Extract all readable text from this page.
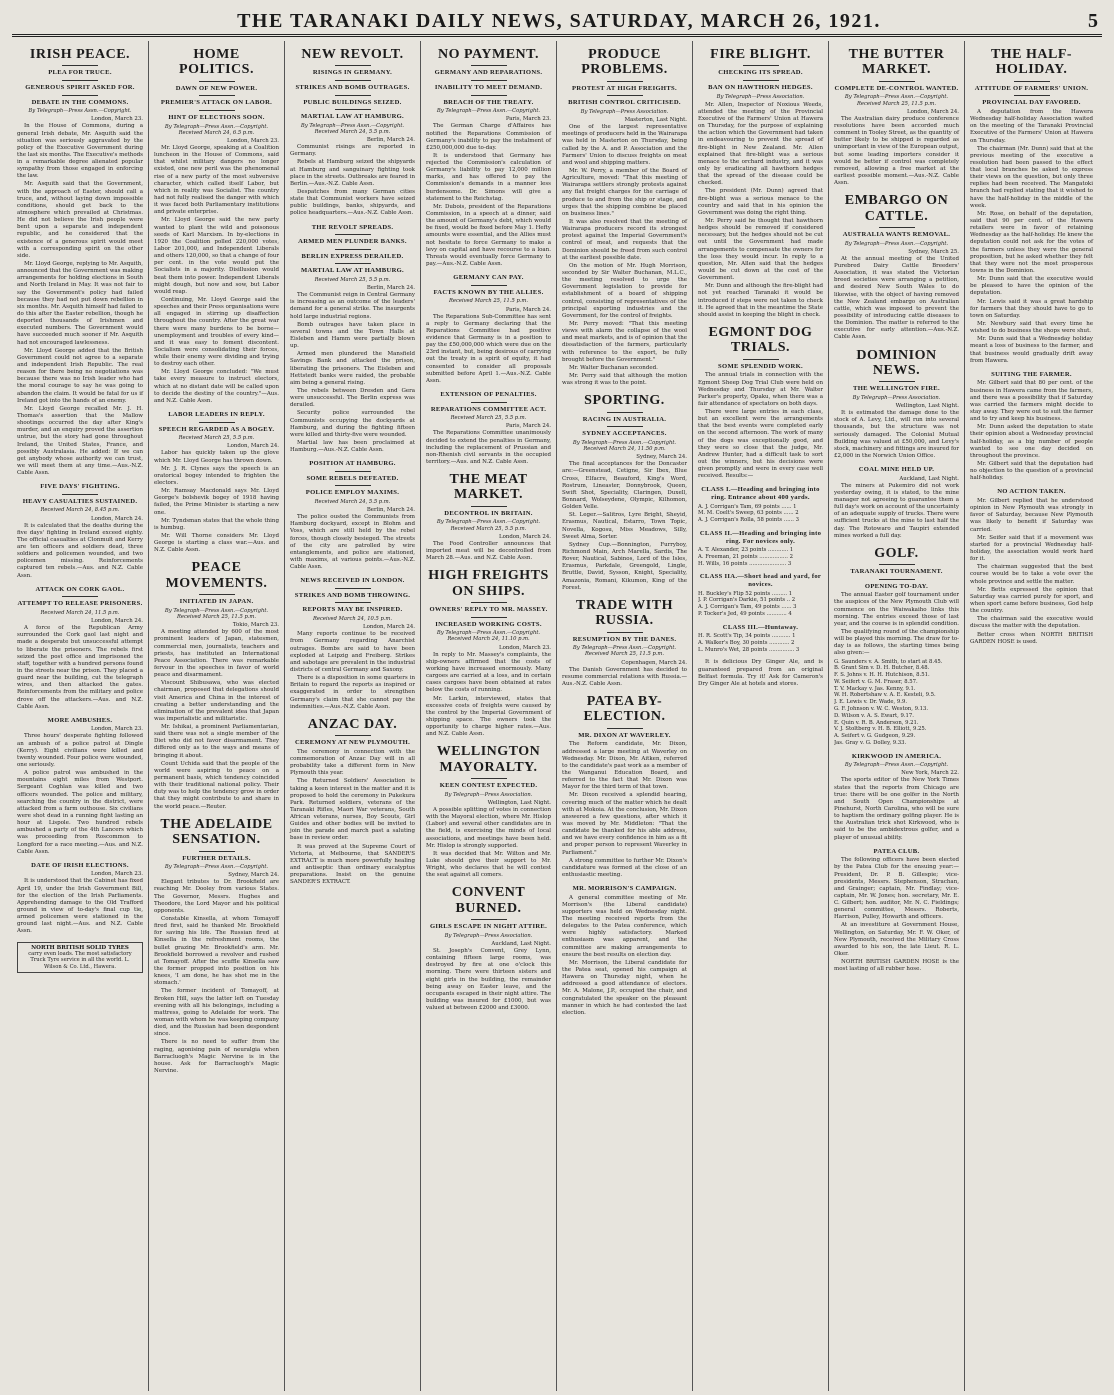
THE TARANAKI DAILY NEWS, SATURDAY, MARCH 26, 1921.	5
IRISH PEACE.
PLEA FOR TRUCE.
GENEROUS SPIRIT ASKED FOR.
DEBATE IN THE COMMONS.
By Telegraph—Press Assn.—Copyright.
London, March 23.

In the House of Commons, during a general Irish debate, Mr. Asquith said the situation was seriously aggravated by the policy of the Executive Government during the last six months. The Executive's methods in a remarkable degree alienated popular sympathy from those engaged in enforcing the law.

Mr. Asquith said that the Government, with the approach of Easter, should call a truce, and, without laying down impossible conditions, should get back to the atmosphere which prevailed at Christmas. He did not believe the Irish people were bent upon a separate and independent republic, and he considered that the existence of a generous spirit would meet with a corresponding spirit on the other side.

Mr. Lloyd George, replying to Mr. Asquith, announced that the Government was making arrangements for holding elections in South and North Ireland in May. It was not fair to say the Government's policy had failed because they had not put down rebellion in six months. Mr. Asquith himself had failed to do this after the Easter rebellion, though he deported thousands of Irishmen and executed numbers. The Government would have succeeded much sooner if Mr. Asquith had not encouraged lawlessness.

Mr. Lloyd George added that the British Government could not agree to a separate and independent Irish Republic. The real reason for there being no negotiations was because there was no Irish leader who had the moral courage to say he was going to abandon the claim. It would be fatal for us if Ireland got into the hands of an enemy.

Mr. Lloyd George recalled Mr. J. H. Thomas's assertion that the Mallow shootings occurred the day after King's murder, and an enquiry proved the assertion untrue, but the story had gone throughout Ireland, the United States, France, and possibly Australasia. He added: If we can get anybody whose authority we can trust, we will meet them at any time.—Aus.-N.Z. Cable Assn.

FIVE DAYS' FIGHTING.
HEAVY CASUALTIES SUSTAINED.
Received March 24, 8.45 p.m.
London, March 24.

It is calculated that the deaths during the five days' fighting in Ireland exceed eighty. The official casualties at Clonmult and Kerry are ten officers and soldiers dead, three soldiers and policemen wounded, and two policemen missing. Reinforcements captured ten rebels.—Aus. and N.Z. Cable Assn.

ATTACK ON CORK GAOL.
ATTEMPT TO RELEASE PRISONERS.
Received March 24, 11.5 p.m.
London, March 24.

A force of the Republican Army surrounded the Cork gaol last night and made a desperate but unsuccessful attempt to liberate the prisoners. The rebels first seized the post office and imprisoned the staff, together with a hundred persons found in the streets near the prison. They placed a guard near the building, cut the telegraph wires, and then attacked the gates. Reinforcements from the military and police drove off the attackers.—Aus. and N.Z. Cable Assn.

MORE AMBUSHES.
London, March 23.

Three hours' desperate fighting followed an ambush of a police patrol at Dingle (Kerry). Eight civilians were killed and twenty wounded. Four police were wounded, one seriously.

A police patrol was ambushed in the mountains eight miles from Westport. Sergeant Coghlan was killed and two officers wounded. The police and military, searching the country in the district, were attacked from a farm outhouse. Six civilians were shot dead in a running fight lasting an hour at Lispole. Two hundred rebels ambushed a party of the 4th Lancers which was proceeding from Roscommon to Longford for a race meeting.—Aus. and N.Z. Cable Assn.

DATE OF IRISH ELECTIONS.
London, March 23.

It is understood that the Cabinet has fixed April 19, under the Irish Government Bill, for the election of the Irish Parliaments. Apprehending damage to the Old Trafford ground in view of to-day's final cup tie, armed policemen were stationed in the ground last night.—Aus. and N.Z. Cable Assn.

NORTH BRITISH SOLID TYRES
carry even loads. The most satisfactory Truck Tyre service in all the world. L. Wilson & Co. Ltd., Hawera.
HOME POLITICS.
DAWN OF NEW POWER.
PREMIER'S ATTACK ON LABOR.
HINT OF ELECTIONS SOON.
By Telegraph—Press Assn.—Copyright. Received March 24, 6.5 p.m.
London, March 23.

Mr. Lloyd George, speaking at a Coalition luncheon in the House of Commons, said that whilst military dangers no longer existed, one new peril was the phenomenal rise of a new party of the most subversive character, which called itself Labor, but which in reality was Socialist. The country had not fully realised the danger with which it was faced both Parliamentary institutions and private enterprise.

Mr. Lloyd George said the new party wanted to plant the wild and poisonous seeds of Karl Marxism. In by-elections in 1920 the Coalition polled 220,000 votes, Labor 201,000, and Independent Liberals and others 120,000, so that a change of four per cent. in the vote would put the Socialists in a majority. Disillusion would beat them into power. Independent Liberals might dough, but now and sow, but Labor would reap.

Continuing, Mr. Lloyd George said the speeches and their Press organisations were all engaged in stirring up disaffection throughout the country. After the great war there were many burdens to be borne—unemployment and troubles of every kind—and it was easy to foment discontent. Socialism were consolidating their forces, while their enemy were dividing and trying to destroy each other.

Mr. Lloyd George concluded: "We must take every measure to instruct electors, which at no distant date will be called upon to decide the destiny of the country."—Aus. and N.Z. Cable Assn.

LABOR LEADERS IN REPLY.
SPEECH REGARDED AS A BOGEY.
Received March 25, 5.5 p.m.
London, March 24.

Labor has quickly taken up the glove which Mr. Lloyd George has thrown down.

Mr. J. R. Clynes says the speech is an oratorical bogey intended to frighten the electors.

Mr. Ramsay Macdonald says Mr. Lloyd George's bolshevik bogey of 1918 having failed, the Prime Minister is starting a new one.

Mr. Tyndsman states that the whole thing is humbug.

Mr. Will Thorne considers Mr. Lloyd George is starting a class war.—Aus. and N.Z. Cable Assn.

PEACE MOVEMENTS.
INITIATED IN JAPAN.
By Telegraph—Press Assn.—Copyright. Received March 25, 11.5 p.m.
Tokio, March 23.

A meeting attended by 600 of the most prominent leaders of Japan, statesmen, commercial men, journalists, teachers and priests, has instituted an International Peace Association. There was remarkable fervour in the speeches in favor of world peace and disarmament.

Viscount Shibusawa, who was elected chairman, proposed that delegations should visit America and China in the interest of creating a better understanding and the elimination of the prevalent idea that Japan was imperialistic and militaristic.

Mr. Ishikai, a prominent Parliamentarian, said there was not a single member of the Diet who did not favor disarmament. They differed only as to the ways and means of bringing it about.

Count Uchida said that the people of the world were aspiring to peace on a permanent basis, which tendency coincided with their traditional national policy. Their duty was to help the tendency grow in order that they might contribute to and share in the world peace.—Reuter.

THE ADELAIDE SENSATION.
FURTHER DETAILS.
By Telegraph—Press Assn.—Copyright.
Sydney, March 24.

Elegant tributes to Dr. Brookfield are reaching Mr. Dooley from various States. The Governor, Messrs. Hughes and Theodore, the Lord Mayor and his political opponents.

Constable Kinsella, at whom Tomayoff fired first, said he thanked Mr. Brookfield for saving his life. The Russian fired at Kinsella in the refreshment rooms, the bullet grazing Mr. Brookfield's arm. Mr. Brookfield borrowed a revolver and rushed at Tomayoff. After the scuffle Kinsella saw the former propped into position on his knees, 'I am done, he has shot me in the stomach.'

The former incident of Tomayoff, at Broken Hill, says the latter left on Tuesday evening with all his belongings, including a mattress, going to Adelaide for work. The woman with whom he was keeping company died, and the Russian had been despondent since.

There is no need to suffer from the raging, agonising pain of neuralgia when Barracluogh's Magic Nervine is in the house. Ask for Barracluogh's Magic Nervine.

NEW REVOLT.
RISINGS IN GERMANY.
STRIKES AND BOMB OUTRAGES.
PUBLIC BUILDINGS SEIZED.
MARTIAL LAW AT HAMBURG.
By Telegraph—Press Assn.—Copyright. Received March 24, 5.5 p.m.
Berlin, March 24.

Communist risings are reported in Germany.

Rebels at Hamburg seized the shipyards at Hamburg and sanguinary fighting took place in the streets. Outbreaks are feared in Berlin.—Aus.-N.Z. Cable Assn.

Despatches from many German cities state that Communist workers have seized public buildings, banks, shipyards, and police headquarters.—Aus.-N.Z. Cable Assn.

THE REVOLT SPREADS.
ARMED MEN PLUNDER BANKS.
BERLIN EXPRESS DERAILED.
MARTIAL LAW AT HAMBURG.
Received March 25, 5.5 p.m.
Berlin, March 24.

The Communist reign in Central Germany is increasing as an outcome of the leaders' demand for a general strike. The insurgents hold large industrial regions.

Bomb outrages have taken place in several towns and the Town Halls at Eisleben and Hamm were partially blown up.

Armed men plundered the Mansfield Savings Bank and attacked the prison, liberating the prisoners. The Eisleben and Hettstedt banks were raided, the probable aim being a general rising.

The rebels between Dresden and Gera were unsuccessful. The Berlin express was derailed.

Security police surrounded the Communists occupying the dockyards at Hamburg, and during the fighting fifteen were killed and thirty-five were wounded.

Martial law has been proclaimed at Hamburg.—Aus.-N.Z. Cable Assn.

POSITION AT HAMBURG.
SOME REBELS DEFEATED.
POLICE EMPLOY MAXIMS.
Received March 24, 5.5 p.m.
Berlin, March 24.

The police ousted the Communists from Hamburg dockyard, except in Blohm and Voss, which are still held by the rebel forces, though closely besieged. The streets of the city are patrolled by wire entanglements, and police are stationed, with maxims, at various points.—Aus.-N.Z. Cable Assn.

NEWS RECEIVED IN LONDON.
STRIKES AND BOMB THROWING.
REPORTS MAY BE INSPIRED.
Received March 24, 10.5 p.m.
London, March 24.

Many reports continue to be received from Germany regarding Anarchist outrages. Bombs are said to have been exploded at Leipzig and Freiberg. Strikes and sabotage are prevalent in the industrial districts of central Germany and Saxony.

There is a disposition in some quarters in Britain to regard the reports as inspired or exaggerated in order to strengthen Germany's claim that she cannot pay the indemnities.—Aus.-N.Z. Cable Assn.

ANZAC DAY.
CEREMONY AT NEW PLYMOUTH.

The ceremony in connection with the commemoration of Anzac Day will in all probability take a different form in New Plymouth this year.

The Returned Soldiers' Association is taking a keen interest in the matter and it is proposed to hold the ceremony in Pukekura Park. Returned soldiers, veterans of the Taranaki Rifles, Maori War veterans, South African veterans, nurses, Boy Scouts, Girl Guides and other bodies will be invited to join the parade and march past a saluting base in review order.

It was proved at the Supreme Court of Victoria, at Melbourne, that SANDER'S EXTRACT is much more powerfully healing and antiseptic than ordinary eucalyptus preparations. Insist on the genuine SANDER'S EXTRACT.

NO PAYMENT.
GERMANY AND REPARATIONS.
INABILITY TO MEET DEMAND.
BREACH OF THE TREATY.
By Telegraph—Press Assn.—Copyright.
Paris, March 23.

The German Charge d'Affaires has notified the Reparations Commission of Germany's inability to pay the instalment of £250,000,000 due to-day.

It is understood that Germany has rejected the Commission's calculation of Germany's liability to pay 12,000 million marks, and has offered to pay the Commission's demands in a manner less burdensome. Dr. Simons will give a statement to the Reichstag.

Mr. Dubois, president of the Reparations Commission, in a speech at a dinner, said the amount of Germany's debt, which would be fixed, would be fixed before May 1. Hefty amounts were essential, and the Allies must not hesitate to force Germany to make a levy on capital and have recourse to a loan. Threats would eventually force Germany to pay.—Aus.-N.Z. Cable Assn.

GERMANY CAN PAY.
FACTS KNOWN BY THE ALLIES.
Received March 25, 11.5 p.m.
Paris, March 24.

The Reparations Sub-Committee has sent a reply to Germany declaring that the Reparations Committee had positive evidence that Germany is in a position to pay the £50,000,000 which were due on the 23rd instant, but, being desirous of carrying out the treaty in a spirit of equity, it had consented to consider all proposals submitted before April 1.—Aus.-N.Z. Cable Assn.

EXTENSION OF PENALTIES.
REPARATIONS COMMITTEE ACT.
Received March 25, 5.5 p.m.
Paris, March 24.

The Reparations Committee unanimously decided to extend the penalties in Germany, including the replacement of Prussian and non-Rhenish civil servants in the occupied territory.—Aus. and N.Z. Cable Assn.

THE MEAT MARKET.
DECONTROL IN BRITAIN.
By Telegraph—Press Assn.—Copyright. Received March 25, 5.5 p.m.
London, March 24.

The Food Controller announces that imported meat will be decontrolled from March 28.—Aus. and N.Z. Cable Assn.

HIGH FREIGHTS ON SHIPS.
OWNERS' REPLY TO MR. MASSEY.
INCREASED WORKING COSTS.
By Telegraph—Press Assn.—Copyright. Received March 24, 11.10 p.m.
London, March 23.

In reply to Mr. Massey's complaints, the ship-owners affirmed that the costs of working have increased enormously. Many cargoes are carried at a loss, and in certain cases cargoes have been obtained at rates below the costs of running.

Mr. Larkin, interviewed, states that excessive costs of freights were caused by the control by the Imperial Government of shipping space. The owners took the opportunity to charge higher rates.—Aus. and N.Z. Cable Assn.

WELLINGTON MAYORALTY.
KEEN CONTEST EXPECTED.
By Telegraph—Press Association.
Wellington, Last Night.

A possible splitting of votes in connection with the Mayoral election, where Mr. Hislop (Labor) and several other candidates are in the field, is exercising the minds of local associations, and meetings have been held. Mr. Hislop is strongly supported.

It was decided that Mr. Wilton and Mr. Luke should give their support to Mr. Wright, who declares that he will contest the seat against all comers.

CONVENT BURNED.
GIRLS ESCAPE IN NIGHT ATTIRE.
By Telegraph—Press Association.
Auckland, Last Night.

St. Joseph's Convent, Grey Lynn, containing fifteen large rooms, was destroyed by fire at one o'clock this morning. There were thirteen sisters and eight girls in the building, the remainder being away on Easter leave, and the occupants escaped in their night attire. The building was insured for £1000, but was valued at between £2000 and £3000.

PRODUCE PROBLEMS.
PROTEST AT HIGH FREIGHTS.
BRITISH CONTROL CRITICISED.
By Telegraph—Press Association.
Masterton, Last Night.

One of the largest representative meetings of producers held in the Wairarapa was held in Masterton on Thursday, being called by the A. and P. Association and the Farmers' Union to discuss freights on meat and wool and shipping matters.

Mr. W. Perry, a member of the Board of Agriculture, moved: "That this meeting of Wairarapa settlers strongly protests against any flat freight charges for the carriage of produce to and from the ship or stage, and urges that the shipping combine be placed on business lines."

It was also resolved that the meeting of Wairarapa producers record its strongest protest against the Imperial Government's control of meat, and requests that the Dominion should be freed from such control at the earliest possible date.

On the motion of Mr. Hugh Morrison, seconded by Sir Walter Buchanan, M.L.C., the meeting resolved to urge the Government legislation to provide for establishment of a board of shipping control, consisting of representatives of the principal exporting industries and the Government, for the control of freights.

Mr. Perry moved: "That this meeting views with alarm the collapse of the wool and meat markets, and is of opinion that the dissatisfaction of the farmers, particularly with reference to the export, be fully brought before the Government."

Mr. Walter Buchanan seconded.

Mr. Perry said that although the motion was strong it was to the point.

SPORTING.
RACING IN AUSTRALIA.
SYDNEY ACCEPTANCES.
By Telegraph—Press Assn.—Copyright. Received March 24, 11.50 p.m.
Sydney, March 24.

The final acceptances for the Doncaster are:—Greenstead, Cetigne, Sir Ibex, Blue Cross, Elfacre, Beauford, King's Word, Rostrum, Lineaster, Donnybrook, Queen, Swift Shot, Speciality, Claringen, Duxell, Bonnard, Wolseydene, Olympic, Kilhomon, Golden Velle.

St. Leger.—Salitros, Lyre Bright, Sheyid, Erasmus, Nautical, Estarro, Town Topic, Novella, Kogosu, Miss Meadows, Silly, Sweet Alma, Sorter.

Sydney Cup.—Bonnington, Furryboy, Richmond Main, Arch Marella, Sardis, The Rover, Nautical, Sabinos, Lord of the Isles, Erasmus, Parkdale, Greengold, Lingle, Bruttle, David, Sysson, Knight, Speciality, Amazonia, Romani, Kikumon, King of the Forest.

TRADE WITH RUSSIA.
RESUMPTION BY THE DANES.
By Telegraph—Press Assn.—Copyright. Received March 25, 11.5 p.m.
Copenhagen, March 24.

The Danish Government has decided to resume commercial relations with Russia.—Aus.-N.Z. Cable Assn.

PATEA BY-ELECTION.
MR. DIXON AT WAVERLEY.

The Reform candidate, Mr. Dixon, addressed a large meeting at Waverley on Wednesday. Mr. Dixon, Mr. Aitken, referred to the candidate's past work as a member of the Wanganui Education Board, and referred to the fact that Mr. Dixon was Mayor for the third term of that town.

Mr. Dixon received a splendid hearing, covering much of the matter which he dealt with at Mokoia. At the conclusion, Mr. Dixon answered a few questions, after which it was moved by Mr. Middleton: "That the candidate be thanked for his able address, and we have every confidence in him as a fit and proper person to represent Waverley in Parliament."

A strong committee to further Mr. Dixon's candidature was formed at the close of an enthusiastic meeting.

MR. MORRISON'S CAMPAIGN.

A general committee meeting of Mr. Morrison's (the Liberal candidate) supporters was held on Wednesday night. The meeting received reports from the delegates to the Patea conference, which were highly satisfactory. Marked enthusiasm was apparent, and the committee are making arrangements to ensure the best results on election day.

Mr. Morrison, the Liberal candidate for the Patea seat, opened his campaign at Hawera on Thursday night, when he addressed a good attendance of electors. Mr. A. Malone, J.P., occupied the chair, and congratulated the speaker on the pleasant manner in which he had contested the last election.

FIRE BLIGHT.
CHECKING ITS SPREAD.
BAN ON HAWTHORN HEDGES.
By Telegraph—Press Association.

Mr. Allen, Inspector of Noxious Weeds, attended the meeting of the Provincial Executive of the Farmers' Union at Hawera on Thursday, for the purpose of explaining the action which the Government had taken in endeavouring to prevent the spread of fire-blight in New Zealand. Mr. Allen explained that fire-blight was a serious menace to the orchard industry, and it was only by eradicating all hawthorn hedges that the spread of the disease could be checked.

The president (Mr. Dunn) agreed that fire-blight was a serious menace to the country and said that in his opinion the Government was doing the right thing.

Mr. Perry said he thought that hawthorn hedges should be removed if considered necessary, but the hedges should not be cut out until the Government had made arrangements to compensate the owners for the loss they would incur. In reply to a question, Mr. Allen said that the hedges would be cut down at the cost of the Government.

Mr. Dunn and although the fire-blight had not yet reached Taranaki it would be introduced if steps were not taken to check it. He agreed that in the meantime the State should assist in keeping the blight in check.

EGMONT DOG TRIALS.
SOME SPLENDID WORK.

The annual trials in connection with the Egmont Sheep Dog Trial Club were held on Wednesday and Thursday at Mr. Walter Parker's property, Opaku, when there was a fair attendance of spectators on both days.

There were large entries in each class, but an excellent were the arrangements that the best events were completed early on the second afternoon. The work of many of the dogs was exceptionally good, and they were so close that the judge, Mr. Andrew Hunter, had a difficult task to sort out the winners, but his decisions were given promptly and were in every case well received. Results:—

CLASS I.—Heading and bringing into ring. Entrance about 400 yards.
A. J. Corrigan's Tam, 69 points ...... 1
M. M. Coelt's Sweep, 63 points ...... 2
A. J. Corrigan's Rolla, 58 points ...... 3
CLASS II.—Heading and bringing into ring. For novices only.
A. T. Alexander, 23 points ............ 1
A. Freeman, 21 points ................. 2
H. Wills, 16 points ...................... 3
CLASS IIA.—Short head and yard, for novices.
H. Buckley's Flip 52 points ......... 1
J. P. Corrigan's Darkie, 51 points .. 2
A. J. Corrigan's Tam, 49 points ...... 3
P. Tocker's Jed, 49 points ............ 4
CLASS III.—Huntaway.
H. R. Scott's Tip, 34 points ........... 1
A. Walker's Boy, 30 points ............ 2
L. Munro's Wet, 28 points ............... 3

It is delicious Dry Ginger Ale, and is guaranteed prepared from an original Belfast formula. Try it! Ask for Cameron's Dry Ginger Ale at hotels and stores.

THE BUTTER MARKET.
COMPLETE DE-CONTROL WANTED.
By Telegraph—Press Assn.—Copyright. Received March 25, 11.5 p.m.
London, March 24.

The Australian dairy produce conference resolutions have been accorded much comment in Tooley Street, as the quantity of butter likely to be shipped is regarded as unimportant in view of the European output, but some leading importers consider it would be better if control was completely removed, allowing a free market at the earliest possible moment.—Aus.-N.Z. Cable Assn.

EMBARGO ON CATTLE.
AUSTRALIA WANTS REMOVAL.
By Telegraph—Press Assn.—Copyright.
Sydney, March 25.

At the annual meeting of the United Purebred Dairy Cattle Breeders' Association, it was stated the Victorian breed societies were arranging a petition, and desired New South Wales to do likewise, with the object of having removed the New Zealand embargo on Australian cattle, which was imposed to prevent the possibility of introducing cattle diseases to the Dominion. The matter is referred to the executive for early attention.—Aus.-N.Z. Cable Assn.

DOMINION NEWS.
THE WELLINGTON FIRE.
By Telegraph—Press Association.
Wellington, Last Night.

It is estimated the damage done to the stock of A. Levy, Ltd., will run into several thousands, but the structure was not seriously damaged. The Colonial Mutual Building was valued at £50,000, and Levy's stock, machinery and fittings are insured for £2,000 in the Norwich Union Office.

COAL MINE HELD UP.
Auckland, Last Night.

The miners at Pukemiro did not work yesterday owing, it is stated, to the mine manager not agreeing to guarantee them a full day's work on account of the uncertainty of an adequate supply of trucks. There were sufficient trucks at the mine to last half the day. The Rotowaro and Taupiri extended mines worked a full day.

GOLF.
TARANAKI TOURNAMENT.
OPENING TO-DAY.

The annual Easter golf tournament under the auspices of the New Plymouth Club will commence on the Waiwakaiho links this morning. The entries exceed those of last year, and the course is in splendid condition.

The qualifying round of the championship will be played this morning. The draw for to-day is as follows, the starting times being also given:—

G. Saunders v. A. Smith, to start at 8.45.
B. Grant Sim v. D. H. Butcher, 8.48.
F. S. Johns v. H. H. Hutchison, 8.51.
W. Seifert v. G. M. Fraser, 8.57.
T. V. Mackay v. Jas. Kenny, 9.1.
W. H. Robertshaw v. A. E. Kesteli, 9.5.
J. E. Lewis v. Dr. Wade, 9.9.
G. F. Johnson v. W. C. Weston, 9.13.
D. Wilson v. A. S. Ewart, 9.17.
E. Quin v. R. B. Anderson, 9.21.
V. J. Stoltberg v. H. B. Elliott, 9.25.
A. Seifert v. G. Gudgeon, 9.29.
Jas. Gray v. G. Dolley, 9.33.
KIRKWOOD IN AMERICA.
By Telegraph—Press Assn.—Copyright.
New York, March 22.

The sports editor of the New York Times states that the reports from Chicago are true: there will be one golfer in the North and South Open Championships at Pinehurst, North Carolina, who will be sure to haptism the ordinary golfing player. He is the Australian trick shot Kirkwood, who is said to be the ambidextrous golfer, and a player of unusual ability.

PATEA CLUB.

The following officers have been elected by the Patea Club for the ensuing year:—President, Dr. P. B. Gillespie; vice-presidents, Messrs. Stephenson, Strachan, and Grainger; captain, Mr. Findlay; vice-captain, Mr. W. Jones; hon. secretary, Mr. E. C. Gilbert; hon. auditor, Mr. N. C. Fieldings; general committee, Messrs. Roberts, Harrison, Pulley, Howarth and officers.

At an investiture at Government House, Wellington, on Saturday, Mr. F. W. Oker, of New Plymouth, received the Military Cross awarded to his son, the late Lieut. R. L. Oker.

NORTH BRITISH GARDEN HOSE is the most lasting of all rubber hose.

THE HALF-HOLIDAY.
ATTITUDE OF FARMERS' UNION.
PROVINCIAL DAY FAVORED.

A deputation from the Hawera Wednesday half-holiday Association waited on the meeting of the Taranaki Provincial Executive of the Farmers' Union at Hawera on Thursday.

The chairman (Mr. Dunn) said that at the previous meeting of the executive a resolution had been passed to the effect that local branches be asked to express their views on the question, but only three replies had been received. The Mangatoki branch had replied stating that it wished to have the half-holiday in the middle of the week.

Mr. Rose, on behalf of the deputation, said that 90 per cent. of the Hawera retailers were in favor of retaining Wednesday as the half-holiday. He knew the deputation could not ask for the votes of the farmers unless they were the general proposition, but he asked whether they felt that they were not the most prosperous towns in the Dominion.

Mr. Dunn said that the executive would be pleased to have the opinion of the deputation.

Mr. Lewis said it was a great hardship for farmers that they should have to go to town on Saturday.

Mr. Newbury said that every time he wished to do business the shops were shut.

Mr. Dunn said that a Wednesday holiday meant a loss of business to the farmer, and that business would gradually drift away from Hawera.

SUITING THE FARMER.

Mr. Gilbert said that 80 per cent. of the business in Hawera came from the farmers, and there was a possibility that if Saturday was carried the farmers might decide to stay away. They were out to suit the farmer and to try and keep his business.

Mr. Dunn asked the deputation to state their opinion about a Wednesday provincial half-holiday, as a big number of people wanted to see one day decided on throughout the province.

Mr. Gilbert said that the deputation had no objection to the question of a provincial half-holiday.

NO ACTION TAKEN.

Mr. Gilbert replied that he understood opinion in New Plymouth was strongly in favor of Saturday, because New Plymouth was likely to benefit if Saturday was carried.

Mr. Seifer said that if a movement was started for a provincial Wednesday half-holiday, the association would work hard for it.

The chairman suggested that the best course would be to take a vote over the whole province and settle the matter.

Mr. Betts expressed the opinion that Saturday was carried purely for sport, and when sport came before business, God help the country.

The chairman said the executive would discuss the matter with the deputation.

Better cross when NORTH BRITISH GARDEN HOSE is used.
